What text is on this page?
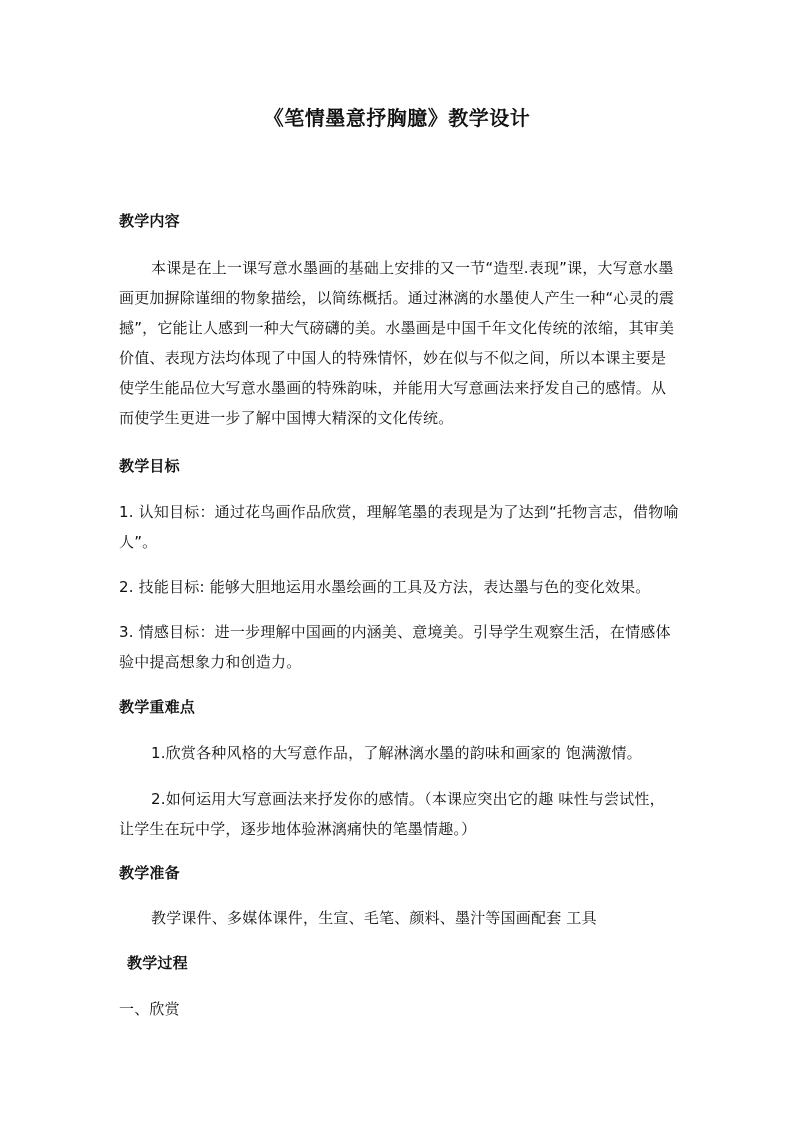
《笔情墨意抒胸臆》教学设计
教学内容

本课是在上一课写意水墨画的基础上安排的又一节“造型.表现”课，大写意水墨画更加摒除谨细的物象描绘，以简练概括。通过淋漓的水墨使人产生一种“心灵的震撼”，它能让人感到一种大气磅礴的美。水墨画是中国千年文化传统的浓缩，其审美价值、表现方法均体现了中国人的特殊情怀，妙在似与不似之间，所以本课主要是使学生能品位大写意水墨画的特殊韵味，并能用大写意画法来抒发自己的感情。从而使学生更进一步了解中国博大精深的文化传统。

教学目标
1. 认知目标：通过花鸟画作品欣赏，理解笔墨的表现是为了达到“托物言志，借物喻人”。
2. 技能目标: 能够大胆地运用水墨绘画的工具及方法，表达墨与色的变化效果。
3. 情感目标：进一步理解中国画的内涵美、意境美。引导学生观察生活，在情感体验中提高想象力和创造力。
教学重难点

1.欣赏各种风格的大写意作品，了解淋漓水墨的韵味和画家的 饱满激情。

2.如何运用大写意画法来抒发你的感情。（本课应突出它的趣 味性与尝试性，让学生在玩中学，逐步地体验淋漓痛快的笔墨情趣。）

教学准备

教学课件、多媒体课件，生宣、毛笔、颜料、墨汁等国画配套 工具

教学过程
一、欣赏
